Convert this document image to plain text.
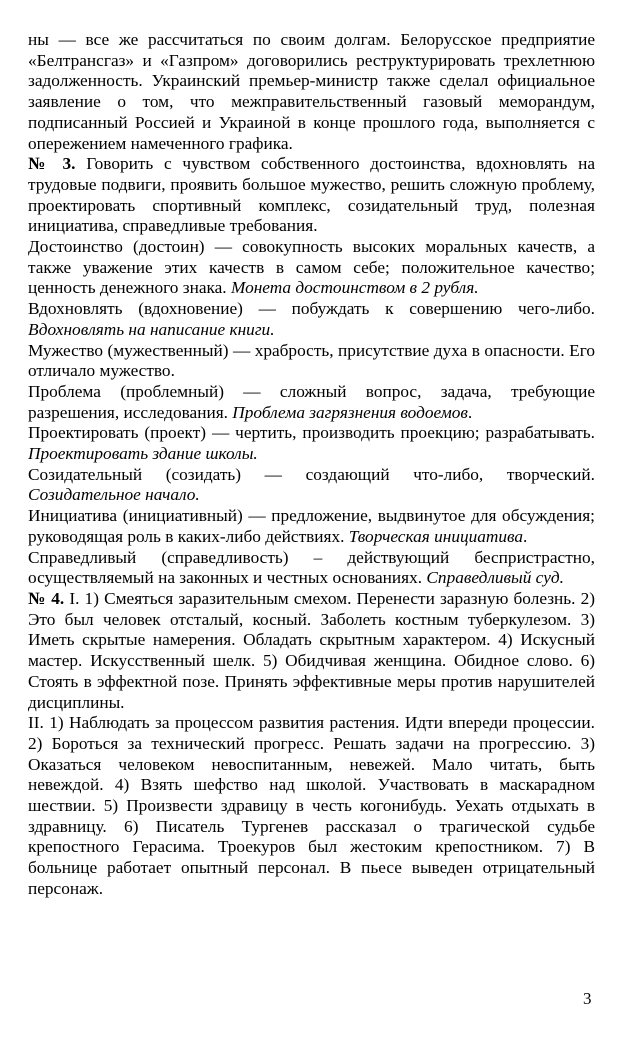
ны — все же рассчитаться по своим долгам. Белорусское предприятие «Белтрансгаз» и «Газпром» договорились реструктурировать трехлетнюю задолженность. Украинский премьер-министр также сделал официальное заявление о том, что межправительственный газовый меморандум, подписанный Россией и Украиной в конце прошлого года, выполняется с опережением намеченного графика.

№ 3. Говорить с чувством собственного достоинства, вдохновлять на трудовые подвиги, проявить большое мужество, решить сложную проблему, проектировать спортивный комплекс, созидательный труд, полезная инициатива, справедливые требования.

Достоинство (достоин) — совокупность высоких моральных качеств, а также уважение этих качеств в самом себе; положительное качество; ценность денежного знака. Монета достоинством в 2 рубля.

Вдохновлять (вдохновение) — побуждать к совершению чего-либо. Вдохновлять на написание книги.

Мужество (мужественный) — храбрость, присутствие духа в опасности. Его отличало мужество.

Проблема (проблемный) — сложный вопрос, задача, требующие разрешения, исследования. Проблема загрязнения водоемов.

Проектировать (проект) — чертить, производить проекцию; разрабатывать. Проектировать здание школы.

Созидательный (созидать) — создающий что-либо, творческий. Созидательное начало.

Инициатива (инициативный) — предложение, выдвинутое для обсуждения; руководящая роль в каких-либо действиях. Творческая инициатива.

Справедливый (справедливость) – действующий беспристрастно, осуществляемый на законных и честных основаниях. Справедливый суд.

№ 4. I. 1) Смеяться заразительным смехом. Перенести заразную болезнь. 2) Это был человек отсталый, косный. Заболеть костным туберкулезом. 3) Иметь скрытые намерения. Обладать скрытным характером. 4) Искусный мастер. Искусственный шелк. 5) Обидчивая женщина. Обидное слово. 6) Стоять в эффектной позе. Принять эффективные меры против нарушителей дисциплины.

II. 1) Наблюдать за процессом развития растения. Идти впереди процессии. 2) Бороться за технический прогресс. Решать задачи на прогрессию. 3) Оказаться человеком невоспитанным, невежей. Мало читать, быть невеждой. 4) Взять шефство над школой. Участвовать в маскарадном шествии. 5) Произвести здравицу в честь когонибудь. Уехать отдыхать в здравницу. 6) Писатель Тургенев рассказал о трагической судьбе крепостного Герасима. Троекуров был жестоким крепостником. 7) В больнице работает опытный персонал. В пьесе выведен отрицательный персонаж.

3
